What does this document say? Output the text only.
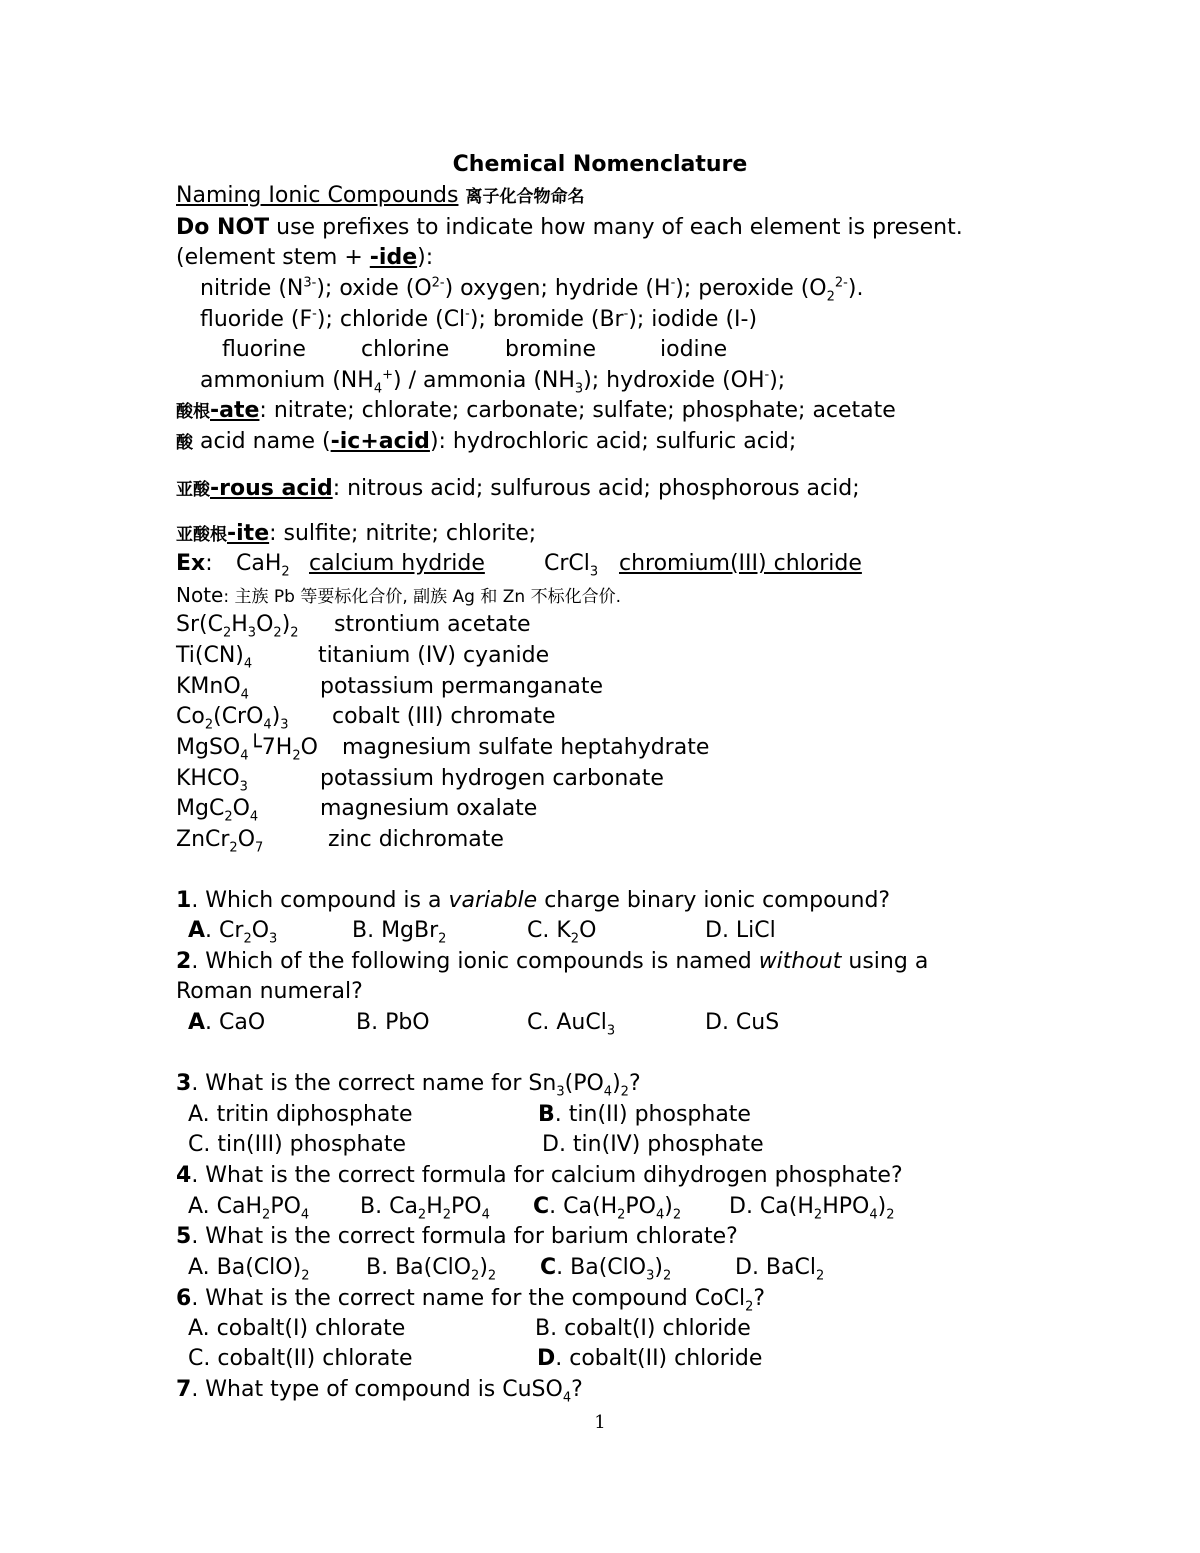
Chemical Nomenclature
Naming Ionic Compounds 离子化合物命名
Do NOT use prefixes to indicate how many of each element is present.
(element stem + -ide):
nitride $(N^{3-})$; oxide $(O^{2-})$ oxygen; hydride (H-); peroxide $(O_2^{2-})$.
fluoride (F-); chloride (Cl-); bromide (Br-); iodide (I-)
fluorine	chlorine	bromine	iodine
ammonium $(NH_4^+)$ / ammonia $(NH_3)$; hydroxide (OH-);
酸根-ate: nitrate; chlorate; carbonate; sulfate; phosphate; acetate
酸 acid name (-ic+acid): hydrochloric acid; sulfuric acid;
亚酸-rous acid: nitrous acid; sulfurous acid; phosphorous acid;
亚酸根-ite: sulfite; nitrite; chlorite;
Ex: CaH$_2$ calcium hydride	CrCl$_3$ chromium(III) chloride
Note: 主族 Pb 等要标化合价, 副族 Ag 和 Zn 不标化合价.
$Sr(C_2H_3O_2)_2$ strontium acetate
$Ti(CN)_4$	titanium (IV) cyanide
KMnO$_4$	potassium permanganate
$Co_2(CrO_4)_3$ cobalt (III) chromate
$MgSO_4└7H_2O$ magnesium sulfate heptahydrate
$KHCO_3$	potassium hydrogen carbonate
$MgC_2O_4$	magnesium oxalate
$ZnCr_2O_7$	zinc dichromate
1. Which compound is a variable charge binary ionic compound?
A. $Cr_2O_3$	B. MgBr$_2$	C. $K_2O$	D. LiCl
2. Which of the following ionic compounds is named without using a
Roman numeral?
A. CaO	B. PbO	C. AuCl$_3$	D. CuS
3. What is the correct name for $Sn_3(PO_4)_2$?
A. tritin diphosphate	B. tin(II) phosphate
C. tin(III) phosphate	D. tin(IV) phosphate
4. What is the correct formula for calcium dihydrogen phosphate?
A. $CaH_2PO_4$ B. $Ca_2H_2PO_4$ C. $Ca(H_2PO_4)_2$ D. $Ca(H_2HPO_4)_2$
5. What is the correct formula for barium chlorate?
A. $Ba(ClO)_2$	B. $Ba(ClO_2)_2$ C. $Ba(ClO_3)_2$	D. BaCl$_2$
6. What is the correct name for the compound CoCl$_2$?
A. cobalt(I) chlorate	B. cobalt(I) chloride
C. cobalt(II) chlorate	D. cobalt(II) chloride
7. What type of compound is CuSO$_4$?
1
